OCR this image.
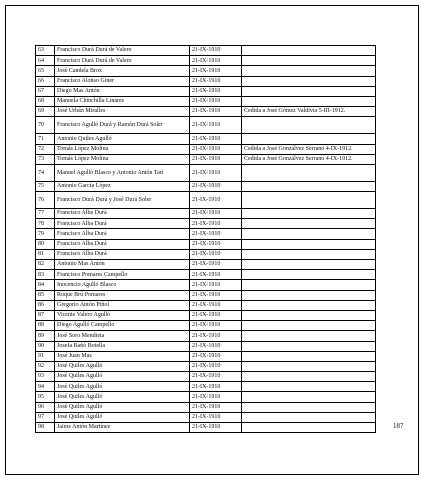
63	Francisco Durá Durá de Valero	21-IX-1910	
64	Francisco Durá Durá de Valero	21-IX-1910	
65	José Candela Brox	21-IX-1910	
66	Francisco Alonso Giner	21-IX-1910	
67	Diego Mas Antón	21-IX-1910	
68	Manuela Chinchilla Linares	21-IX-1910	
69	José Urbán Miralles	21-IX-1910	Cedida a José Gómez Valdivia 5-III-1912.
70	Francisco Agulló Durá y Ramón Durá Soler	21-IX-1910	
71	Antonio Quiles Agulló	21-IX-1910	
72	Tomás López Molina	21-IX-1910	Cedida a José Gonzálvez Serrano 4-IX-1912.
73	Tomás López Molina	21-IX-1910	Cedida a José Gonzálvez Serrano 4-IX-1912.
74	Manuel Agulló Blasco y Antonio Antón Tari	21-IX-1910	
75	Antonio García López	21-IX-1910	
76	Francisco Durá Durá y José Durá Soler	21-IX-1910	
77	Francisco Alba Durá	21-IX-1910	
78	Francisco Alba Durá	21-IX-1910	
79	Francisco Alba Durá	21-IX-1910	
80	Francisco Alba Durá	21-IX-1910	
81	Francisco Alba Durá	21-IX-1910	
82	Antonio Mas Antón	21-IX-1910	
83	Francisco Pomares Campello	21-IX-1910	
84	Inocencio Agulló Blasco	21-IX-1910	
85	Roque Brú Pomares	21-IX-1910	
86	Gregorio Antón Piñol	21-IX-1910	
87	Vicente Valero Agulló	21-IX-1910	
88	Diego Agulló Campello	21-IX-1910	
89	José Soro Mendieta	21-IX-1910	
90	Josefa Bañó Botella	21-IX-1910	
91	José Juan Mas	21-IX-1910	
92	José Quiles Agulló	21-IX-1910	
93	José Quiles Agulló	21-IX-1910	
94	José Quiles Agulló	21-IX-1910	
95	José Quiles Agulló	21-IX-1910	
96	José Quiles Agulló	21-IX-1910	
97	José Quiles Agulló	21-IX-1910	
98	Jaime Antón Martínez	21-IX-1910		187
